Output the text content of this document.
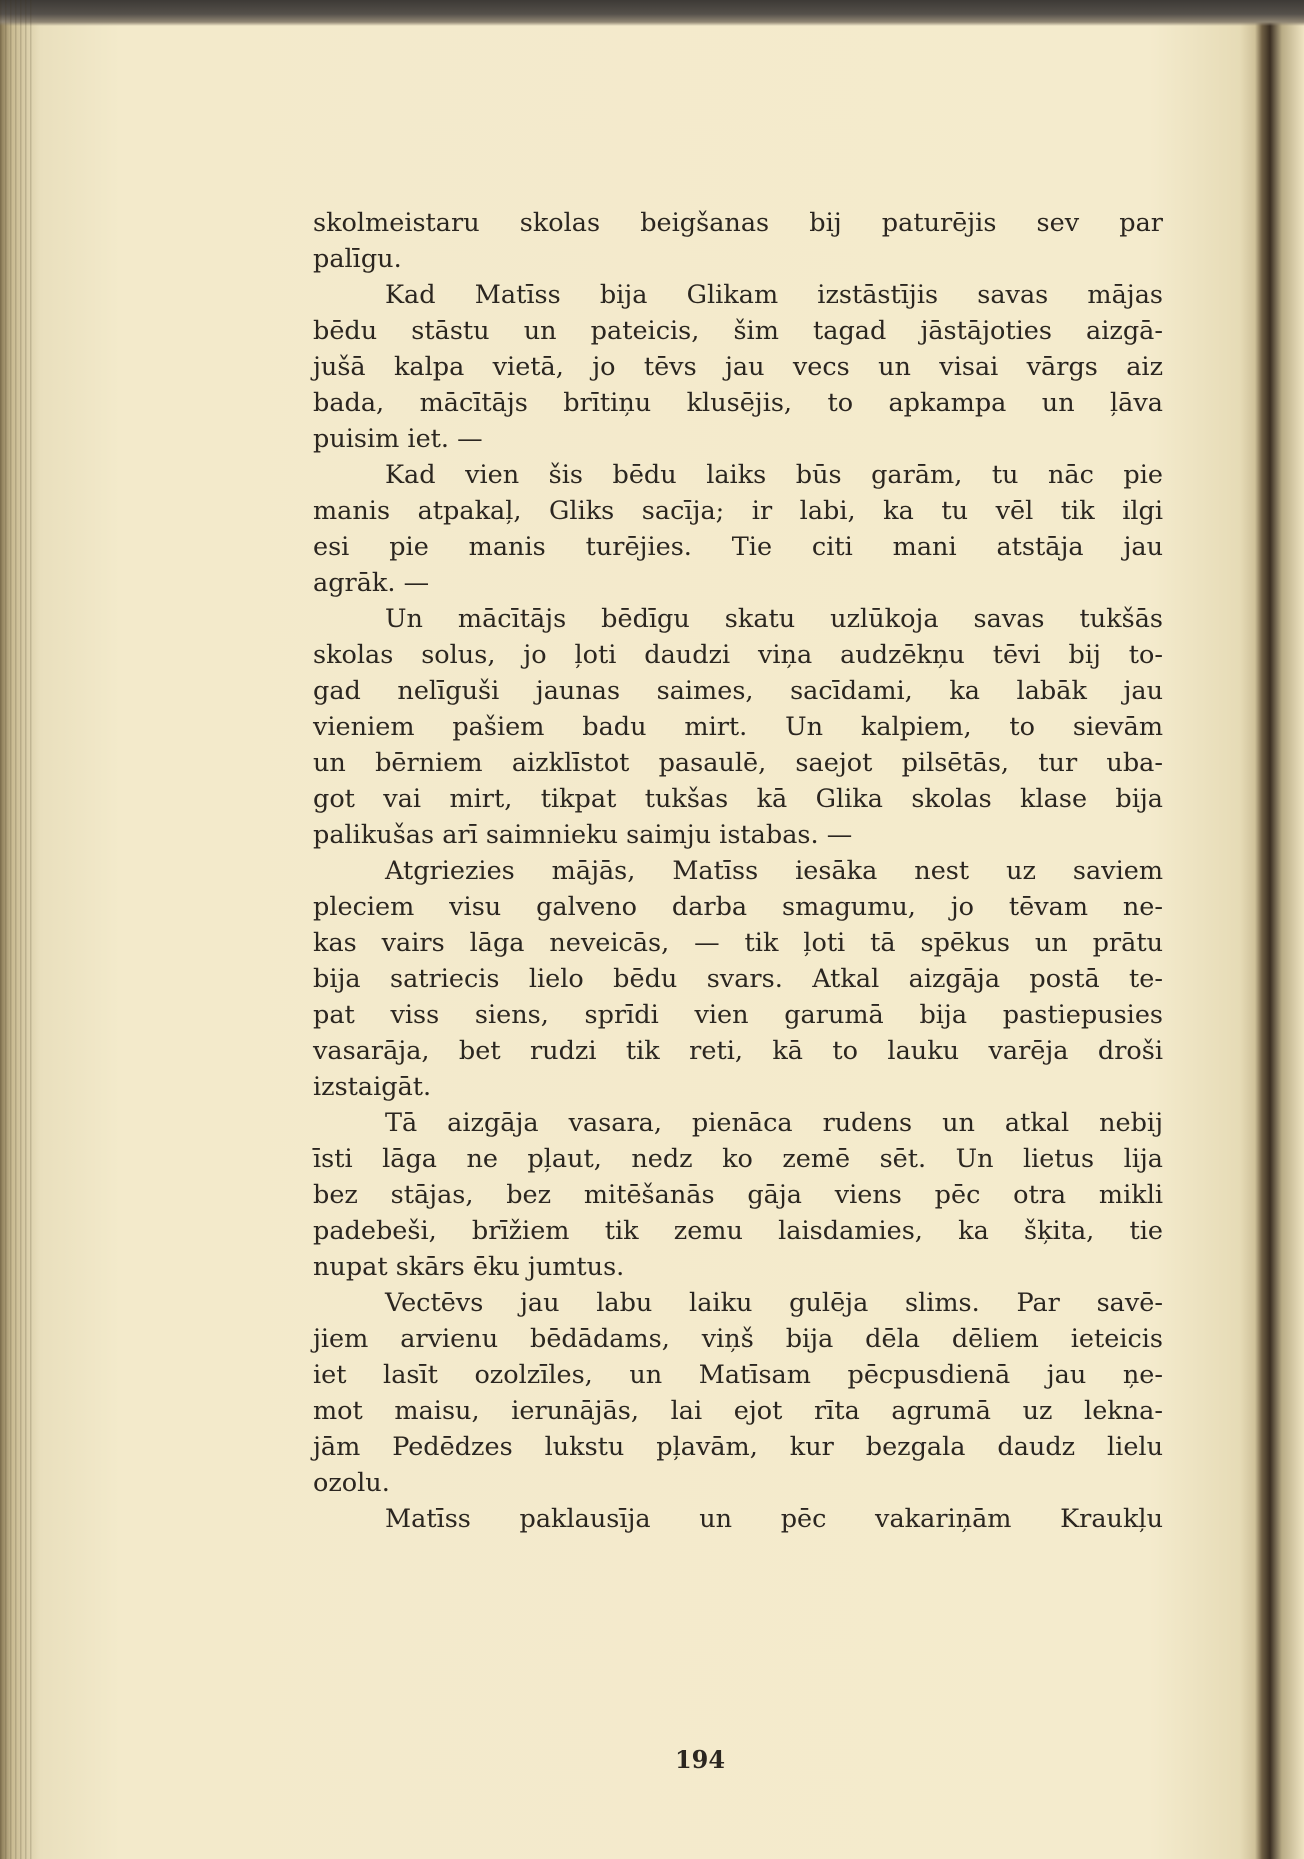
skolmeistaru skolas beigšanas bij paturējis sev par
palīgu.
Kad Matīss bija Glikam izstāstījis savas mājas
bēdu stāstu un pateicis, šim tagad jāstājoties aizgā-
jušā kalpa vietā, jo tēvs jau vecs un visai vārgs aiz
bada, mācītājs brītiņu klusējis, to apkampa un ļāva
puisim iet. —
Kad vien šis bēdu laiks būs garām, tu nāc pie
manis atpakaļ, Gliks sacīja; ir labi, ka tu vēl tik ilgi
esi pie manis turējies. Tie citi mani atstāja jau
agrāk. —
Un mācītājs bēdīgu skatu uzlūkoja savas tukšās
skolas solus, jo ļoti daudzi viņa audzēkņu tēvi bij to-
gad nelīguši jaunas saimes, sacīdami, ka labāk jau
vieniem pašiem badu mirt. Un kalpiem, to sievām
un bērniem aizklīstot pasaulē, saejot pilsētās, tur uba-
got vai mirt, tikpat tukšas kā Glika skolas klase bija
palikušas arī saimnieku saimju istabas. —
Atgriezies mājās, Matīss iesāka nest uz saviem
pleciem visu galveno darba smagumu, jo tēvam ne-
kas vairs lāga neveicās, — tik ļoti tā spēkus un prātu
bija satriecis lielo bēdu svars. Atkal aizgāja postā te-
pat viss siens, sprīdi vien garumā bija pastiepusies
vasarāja, bet rudzi tik reti, kā to lauku varēja droši
izstaigāt.
Tā aizgāja vasara, pienāca rudens un atkal nebij
īsti lāga ne pļaut, nedz ko zemē sēt. Un lietus lija
bez stājas, bez mitēšanās gāja viens pēc otra mikli
padebeši, brīžiem tik zemu laisdamies, ka šķita, tie
nupat skārs ēku jumtus.
Vectēvs jau labu laiku gulēja slims. Par savē-
jiem arvienu bēdādams, viņš bija dēla dēliem ieteicis
iet lasīt ozolzīles, un Matīsam pēcpusdienā jau ņe-
mot maisu, ierunājās, lai ejot rīta agrumā uz lekna-
jām Pedēdzes lukstu pļavām, kur bezgala daudz lielu
ozolu.
Matīss paklausīja un pēc vakariņām Kraukļu
194
